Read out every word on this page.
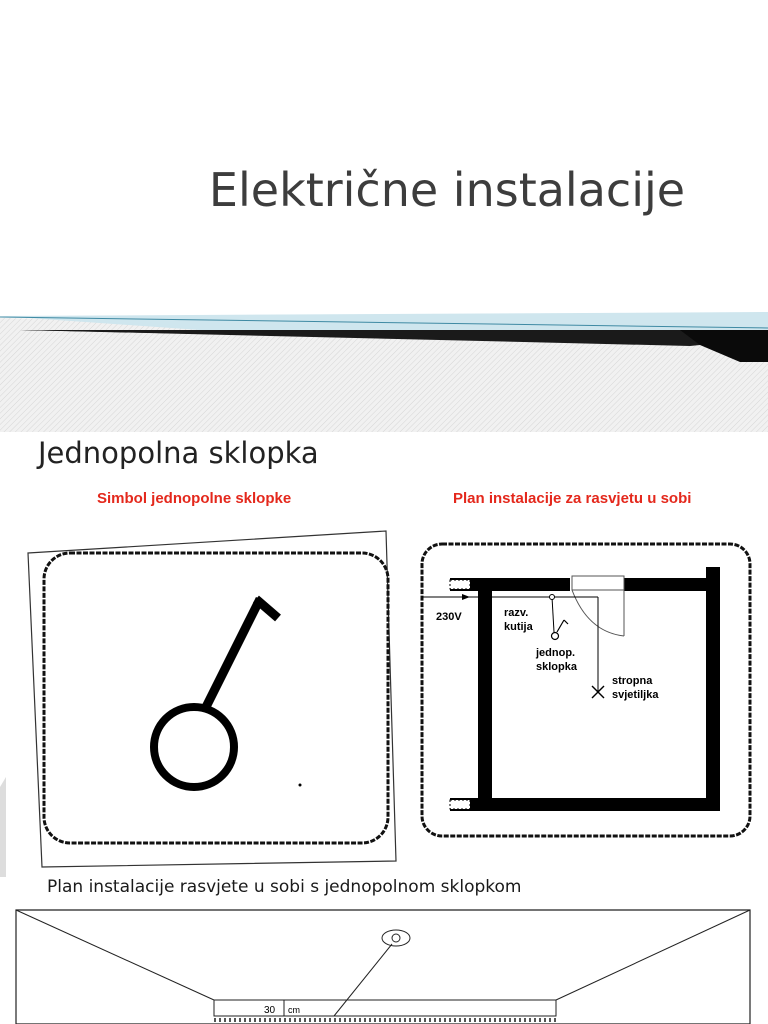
Električne instalacije
Jednopolna sklopka
Simbol jednopolne sklopke	Plan instalacije za rasvjetu u sobi
230V	razv.
kutija
jednop.
sklopka
stropna
svjetiljka
Plan instalacije rasvjete u sobi s jednopolnom sklopkom
30 cm
